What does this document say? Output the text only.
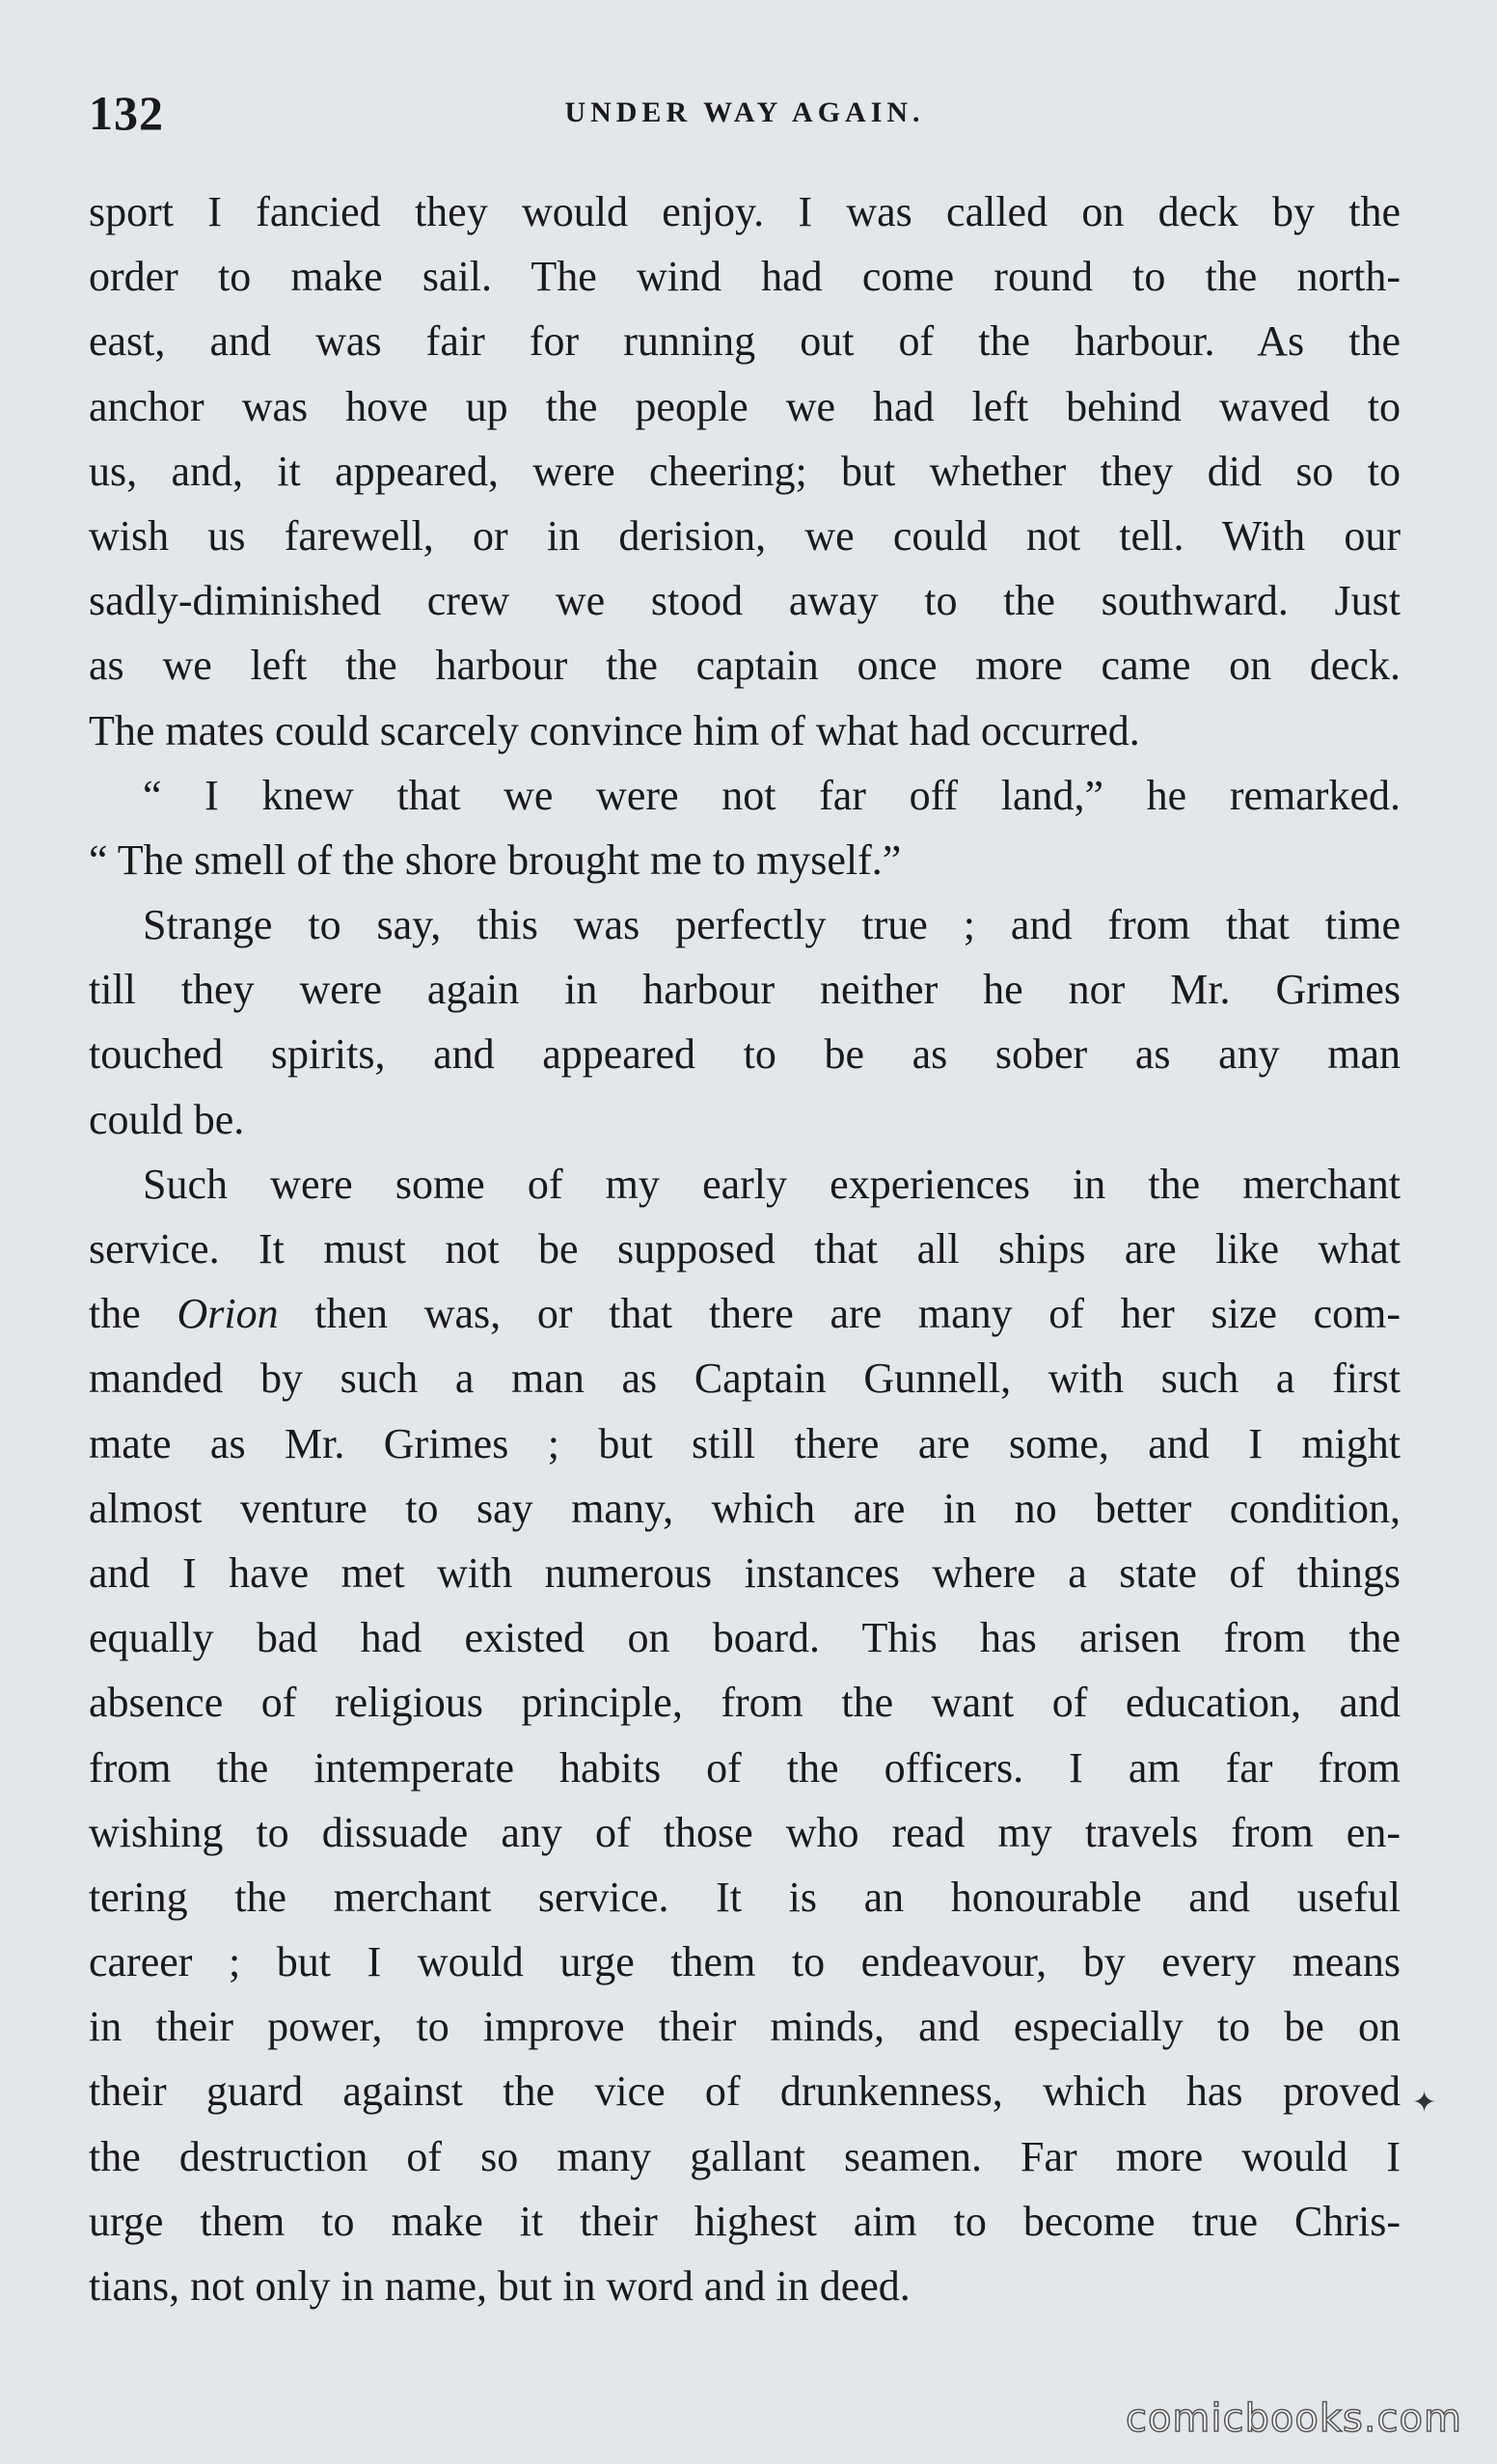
132	UNDER WAY AGAIN.
sport I fancied they would enjoy. I was called on deck by the
order to make sail. The wind had come round to the north-
east, and was fair for running out of the harbour. As the
anchor was hove up the people we had left behind waved to
us, and, it appeared, were cheering; but whether they did so to
wish us farewell, or in derision, we could not tell. With our
sadly-diminished crew we stood away to the southward. Just
as we left the harbour the captain once more came on deck.
The mates could scarcely convince him of what had occurred.
“ I knew that we were not far off land,” he remarked.
“ The smell of the shore brought me to myself.”
Strange to say, this was perfectly true ; and from that time
till they were again in harbour neither he nor Mr. Grimes
touched spirits, and appeared to be as sober as any man
could be.
Such were some of my early experiences in the merchant
service. It must not be supposed that all ships are like what
the Orion then was, or that there are many of her size com-
manded by such a man as Captain Gunnell, with such a first
mate as Mr. Grimes ; but still there are some, and I might
almost venture to say many, which are in no better condition,
and I have met with numerous instances where a state of things
equally bad had existed on board. This has arisen from the
absence of religious principle, from the want of education, and
from the intemperate habits of the officers. I am far from
wishing to dissuade any of those who read my travels from en-
tering the merchant service. It is an honourable and useful
career ; but I would urge them to endeavour, by every means
in their power, to improve their minds, and especially to be on
their guard against the vice of drunkenness, which has proved
the destruction of so many gallant seamen. Far more would I
urge them to make it their highest aim to become true Chris-
tians, not only in name, but in word and in deed.
✦
comicbooks.com
